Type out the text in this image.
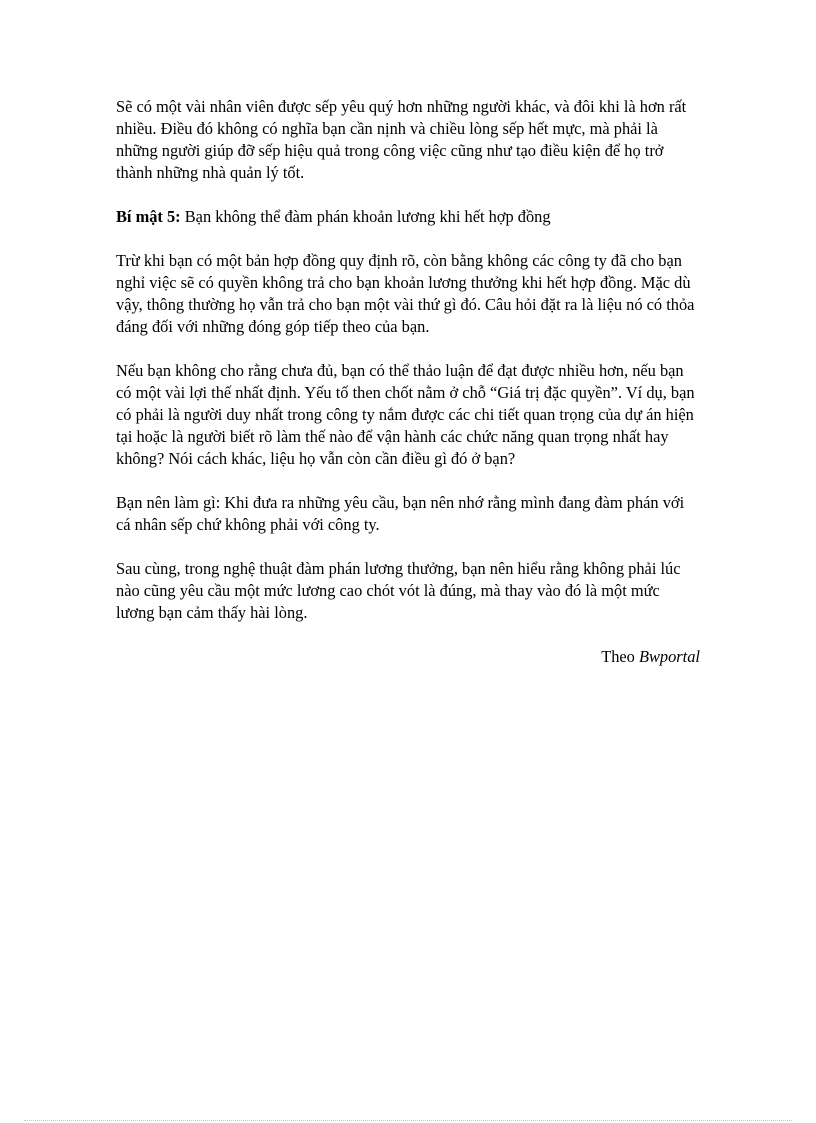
Sẽ có một vài nhân viên được sếp yêu quý hơn những người khác, và đôi khi là hơn rất nhiều. Điều đó không có nghĩa bạn cần nịnh và chiều lòng sếp hết mực, mà phải là những người giúp đỡ sếp hiệu quả trong công việc cũng như tạo điều kiện để họ trở thành những nhà quản lý tốt.

Bí mật 5: Bạn không thể đàm phán khoản lương khi hết hợp đồng

Trừ khi bạn có một bản hợp đồng quy định rõ, còn bằng không các công ty đã cho bạn nghỉ việc sẽ có quyền không trả cho bạn khoản lương thưởng khi hết hợp đồng. Mặc dù vậy, thông thường họ vẫn trả cho bạn một vài thứ gì đó. Câu hỏi đặt ra là liệu nó có thỏa đáng đối với những đóng góp tiếp theo của bạn.

Nếu bạn không cho rằng chưa đủ, bạn có thể thảo luận để đạt được nhiều hơn, nếu bạn có một vài lợi thế nhất định. Yếu tố then chốt nằm ở chỗ “Giá trị đặc quyền”. Ví dụ, bạn có phải là người duy nhất trong công ty nắm được các chi tiết quan trọng của dự án hiện tại hoặc là người biết rõ làm thế nào để vận hành các chức năng quan trọng nhất hay không? Nói cách khác, liệu họ vẫn còn cần điều gì đó ở bạn?

Bạn nên làm gì: Khi đưa ra những yêu cầu, bạn nên nhớ rằng mình đang đàm phán với cá nhân sếp chứ không phải với công ty.

Sau cùng, trong nghệ thuật đàm phán lương thưởng, bạn nên hiểu rằng không phải lúc nào cũng yêu cầu một mức lương cao chót vót là đúng, mà thay vào đó là một mức lương bạn cảm thấy hài lòng.

Theo Bwportal
